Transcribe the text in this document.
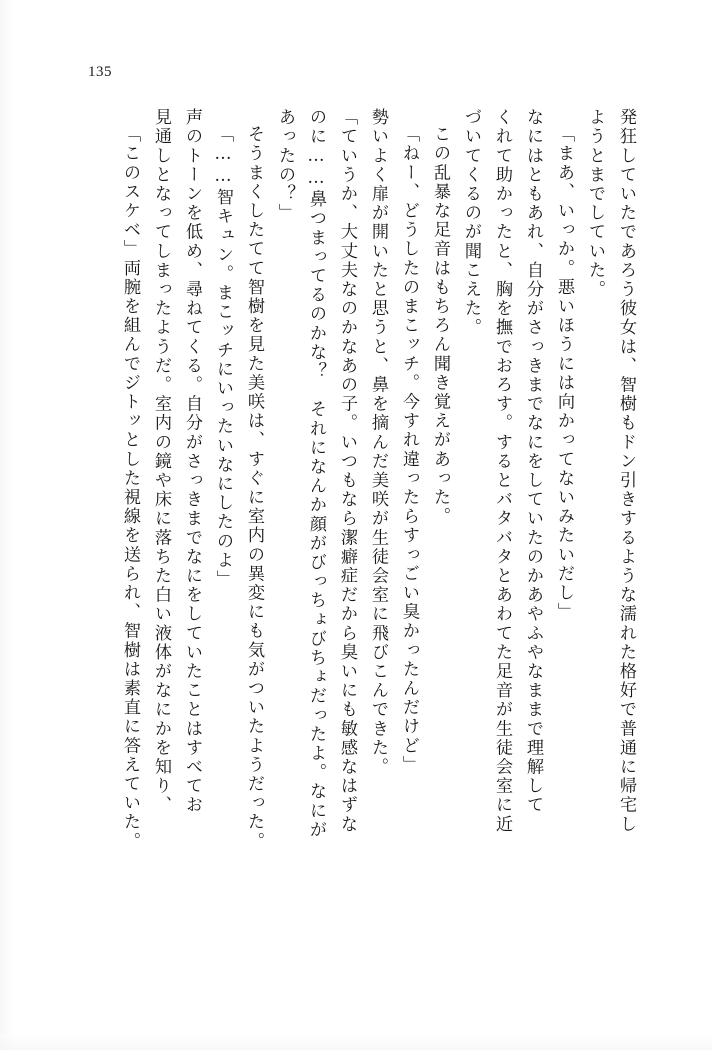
135
発狂していたであろう彼女は、智樹もドン引きするような濡れた格好で普通に帰宅し
ようとまでしていた。
「まあ、いっか。悪いほうには向かってないみたいだし」
なにはともあれ、自分がさっきまでなにをしていたのかあやふやなままで理解して
くれて助かったと、胸を撫でおろす。するとバタバタとあわてた足音が生徒会室に近
づいてくるのが聞こえた。
この乱暴な足音はもちろん聞き覚えがあった。
「ねー、どうしたのまこッチ。今すれ違ったらすっごい臭かったんだけど」
勢いよく扉が開いたと思うと、鼻を摘んだ美咲が生徒会室に飛びこんできた。
「ていうか、大丈夫なのかなあの子。いつもなら潔癖症だから臭いにも敏感なはずな
のに……鼻つまってるのかな？　それになんか顔がびっちょびちょだったよ。なにが
あったの？」
そうまくしたてて智樹を見た美咲は、すぐに室内の異変にも気がついたようだった。
「……智キュン。まこッチにいったいなにしたのよ」
声のトーンを低め、尋ねてくる。自分がさっきまでなにをしていたことはすべてお
見通しとなってしまったようだ。室内の鏡や床に落ちた白い液体がなにかを知り、
「このスケベ」両腕を組んでジトッとした視線を送られ、智樹は素直に答えていた。
